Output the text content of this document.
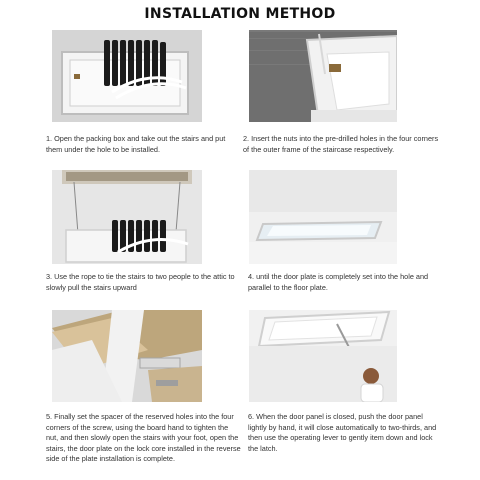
INSTALLATION METHOD
1. Open the packing box and take out the stairs and put them under the hole to be installed.
2. Insert the nuts into the pre-drilled holes in the four corners of the outer frame of the staircase respectively.
3. Use the rope to tie the stairs to two people to the attic to slowly pull the stairs upward
4. until the door plate is completely set into the hole and parallel to the floor plate.
5. Finally set the spacer of the reserved holes into the four corners of the screw, using the board hand to tighten the nut, and then slowly open the stairs with your foot, open the stairs, the door plate on the lock core installed in the reverse side of the plate installation is complete.
6. When the door panel is closed, push the door panel lightly by hand, it will close automatically to two-thirds, and then use the operating lever to gently item down and lock the latch.
